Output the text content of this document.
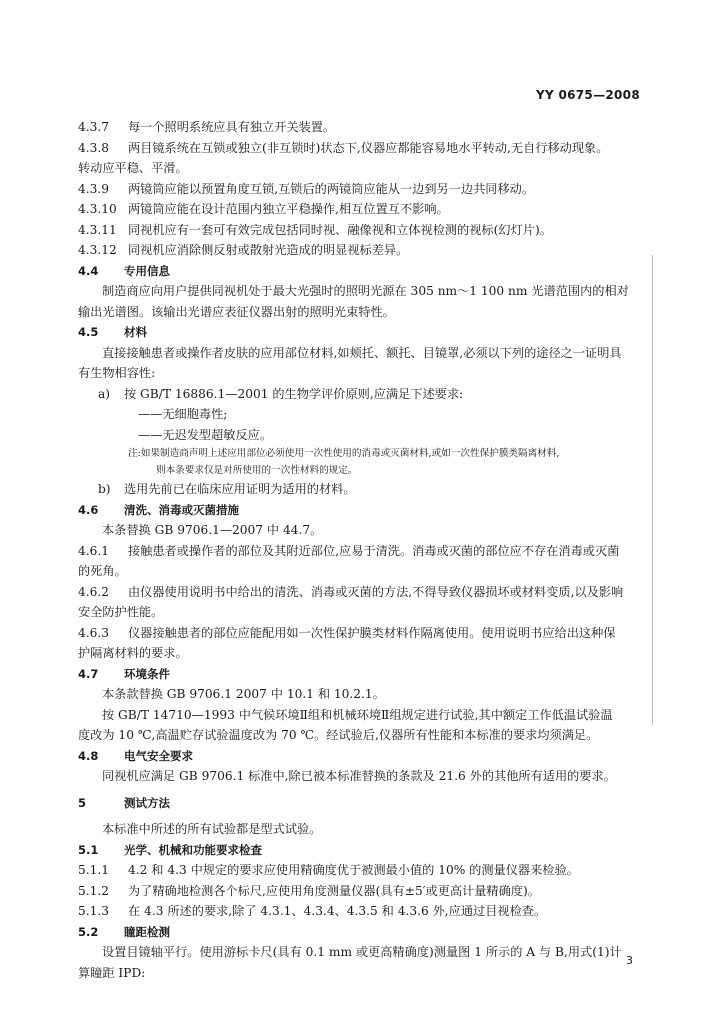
YY 0675—2008
4.3.7 每一个照明系统应具有独立开关装置。
4.3.8 两目镜系统在互锁或独立(非互锁时)状态下,仪器应都能容易地水平转动,无自行移动现象。
转动应平稳、平滑。
4.3.9 两镜筒应能以预置角度互锁,互锁后的两镜筒应能从一边到另一边共同移动。
4.3.10 两镜筒应能在设计范围内独立平稳操作,相互位置互不影响。
4.3.11 同视机应有一套可有效完成包括同时视、融像视和立体视检测的视标(幻灯片)。
4.3.12 同视机应消除侧反射或散射光造成的明显视标差异。
4.4 专用信息
制造商应向用户提供同视机处于最大光强时的照明光源在 305 nm～1 100 nm 光谱范围内的相对
输出光谱图。该输出光谱应表征仪器出射的照明光束特性。
4.5 材料
直接接触患者或操作者皮肤的应用部位材料,如颊托、额托、目镜罩,必须以下列的途径之一证明具
有生物相容性:
a) 按 GB/T 16886.1—2001 的生物学评价原则,应满足下述要求:
——无细胞毒性;
——无迟发型超敏反应。
注:如果制造商声明上述应用部位必须使用一次性使用的消毒或灭菌材料,或如一次性保护膜类隔离材料,
则本条要求仅是对所使用的一次性材料的规定。
b) 选用先前已在临床应用证明为适用的材料。
4.6 清洗、消毒或灭菌措施
本条替换 GB 9706.1—2007 中 44.7。
4.6.1 接触患者或操作者的部位及其附近部位,应易于清洗。消毒或灭菌的部位应不存在消毒或灭菌
的死角。
4.6.2 由仪器使用说明书中给出的清洗、消毒或灭菌的方法,不得导致仪器损坏或材料变质,以及影响
安全防护性能。
4.6.3 仪器接触患者的部位应能配用如一次性保护膜类材料作隔离使用。使用说明书应给出这种保
护隔离材料的要求。
4.7 环境条件
本条款替换 GB 9706.1 2007 中 10.1 和 10.2.1。
按 GB/T 14710—1993 中气候环境Ⅱ组和机械环境Ⅱ组规定进行试验,其中额定工作低温试验温
度改为 10 ℃,高温贮存试验温度改为 70 ℃。经试验后,仪器所有性能和本标准的要求均须满足。
4.8 电气安全要求
同视机应满足 GB 9706.1 标准中,除已被本标准替换的条款及 21.6 外的其他所有适用的要求。
5	测试方法
本标准中所述的所有试验都是型式试验。
5.1 光学、机械和功能要求检查
5.1.1 4.2 和 4.3 中规定的要求应使用精确度优于被测最小值的 10% 的测量仪器来检验。
5.1.2 为了精确地检测各个标尺,应使用角度测量仪器(具有±5′或更高计量精确度)。
5.1.3 在 4.3 所述的要求,除了 4.3.1、4.3.4、4.3.5 和 4.3.6 外,应通过目视检查。
5.2 瞳距检测
设置目镜轴平行。使用游标卡尺(具有 0.1 mm 或更高精确度)测量图 1 所示的 A 与 B,用式(1)计
算瞳距 IPD:
3
